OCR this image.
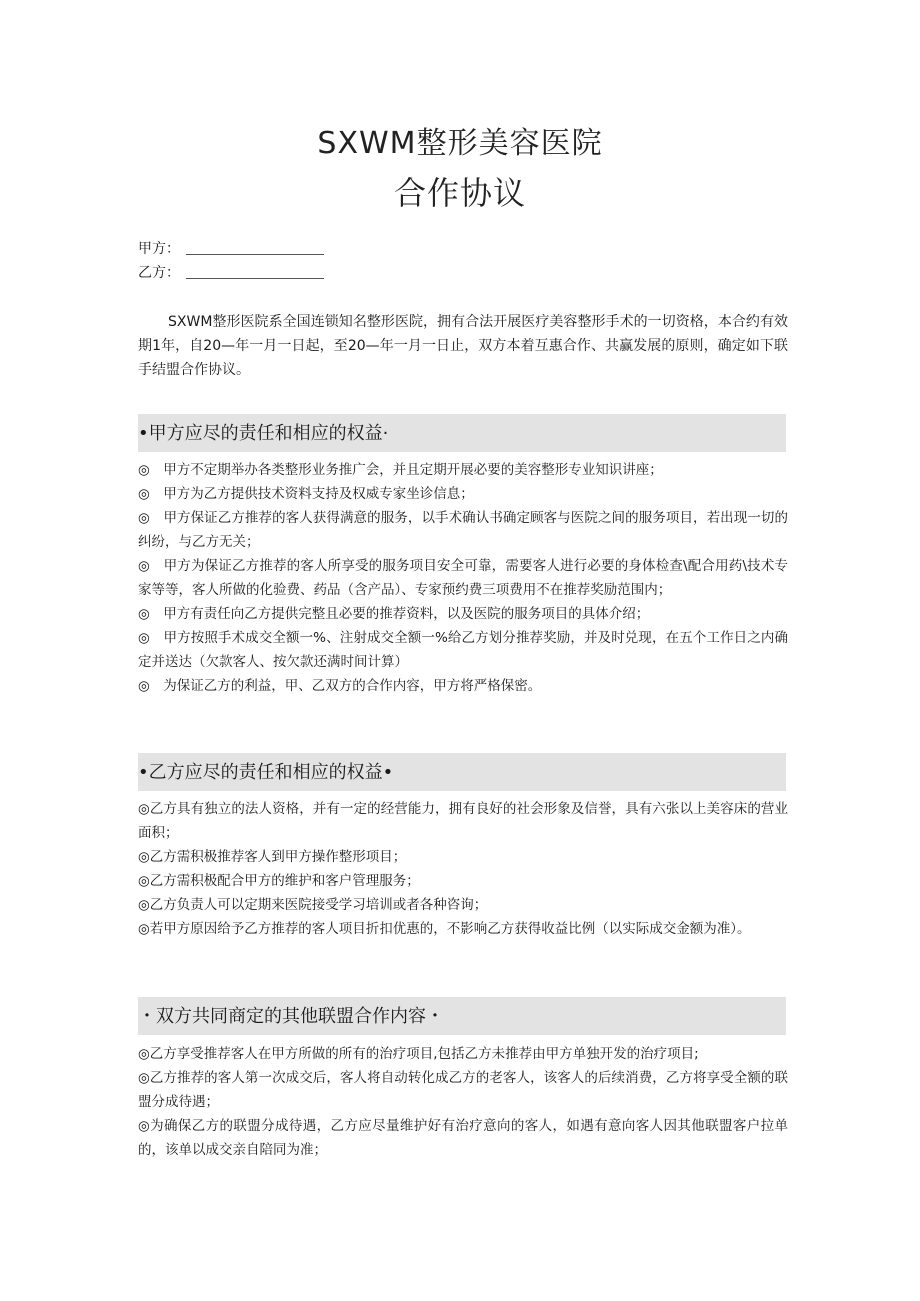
SXWM整形美容医院
合作协议
甲方：
乙方：
SXWM整形医院系全国连锁知名整形医院，拥有合法开展医疗美容整形手术的一切资格，本合约有效期1年，自20—年一月一日起，至20—年一月一日止，双方本着互惠合作、共赢发展的原则，确定如下联手结盟合作协议。
•甲方应尽的责任和相应的权益·

◎　甲方不定期举办各类整形业务推广会，并且定期开展必要的美容整形专业知识讲座；

◎　甲方为乙方提供技术资料支持及权威专家坐诊信息；

◎　甲方保证乙方推荐的客人获得满意的服务，以手术确认书确定顾客与医院之间的服务项目，若出现一切的纠纷，与乙方无关；

◎　甲方为保证乙方推荐的客人所享受的服务项目安全可靠，需要客人进行必要的身体检查\配合用药\技术专家等等，客人所做的化验费、药品（含产品）、专家预约费三项费用不在推荐奖励范围内；

◎　甲方有责任向乙方提供完整且必要的推荐资料，以及医院的服务项目的具体介绍；

◎　甲方按照手术成交全额一%、注射成交全额一%给乙方划分推荐奖励，并及时兑现，在五个工作日之内确定并送达（欠款客人、按欠款还满时间计算）

◎　为保证乙方的利益，甲、乙双方的合作内容，甲方将严格保密。

•乙方应尽的责任和相应的权益•

◎乙方具有独立的法人资格，并有一定的经营能力，拥有良好的社会形象及信誉，具有六张以上美容床的营业面积；

◎乙方需积极推荐客人到甲方操作整形项目；

◎乙方需积极配合甲方的维护和客户管理服务；

◎乙方负责人可以定期来医院接受学习培训或者各种咨询；

◎若甲方原因给予乙方推荐的客人项目折扣优惠的，不影响乙方获得收益比例（以实际成交金额为准）。

・双方共同商定的其他联盟合作内容・

◎乙方享受推荐客人在甲方所做的所有的治疗项目,包括乙方未推荐由甲方单独开发的治疗项目;

◎乙方推荐的客人第一次成交后，客人将自动转化成乙方的老客人，该客人的后续消费，乙方将享受全额的联盟分成待遇；

◎为确保乙方的联盟分成待遇，乙方应尽量维护好有治疗意向的客人，如遇有意向客人因其他联盟客户拉单的，该单以成交亲自陪同为准；
